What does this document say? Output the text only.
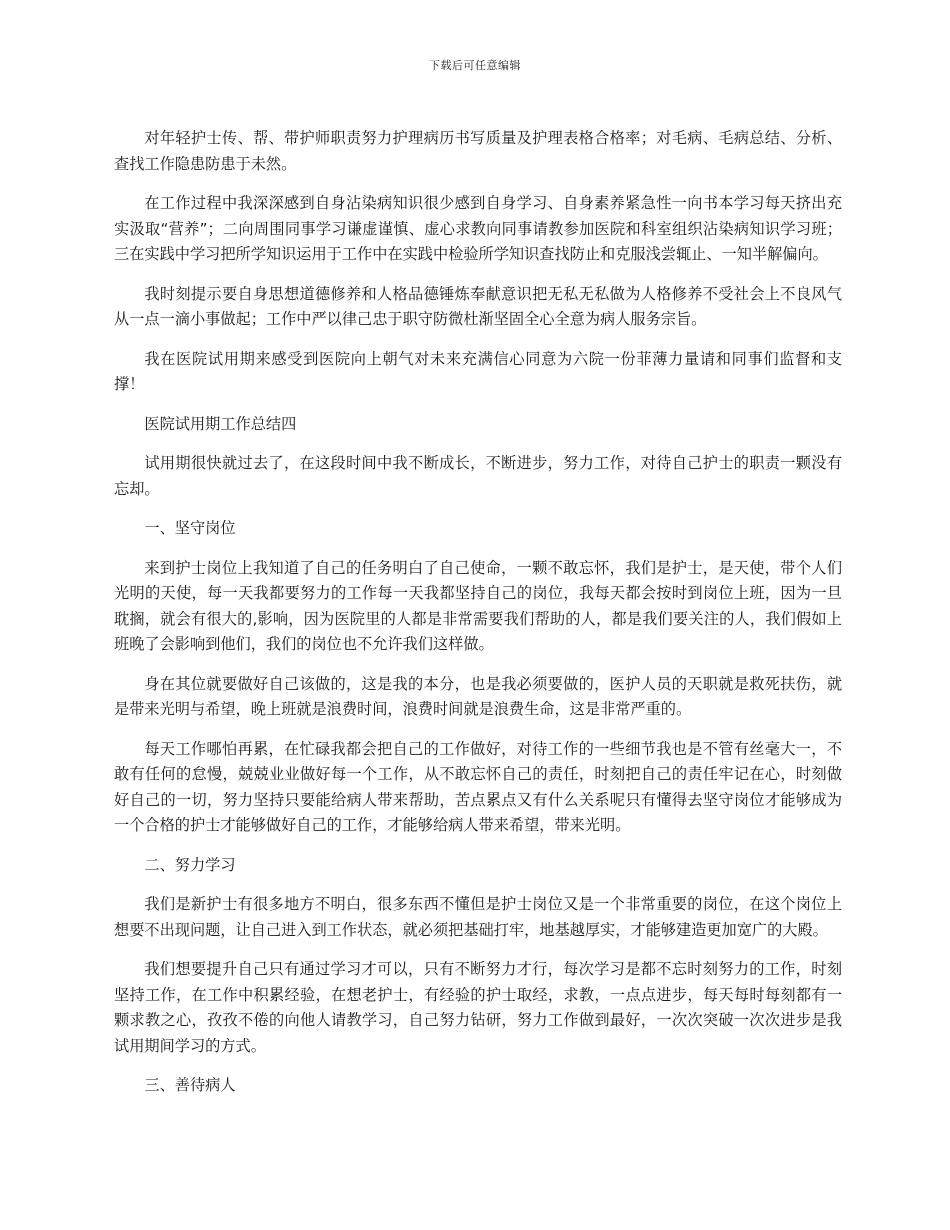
下载后可任意编辑

对年轻护士传、帮、带护师职责努力护理病历书写质量及护理表格合格率；对毛病、毛病总结、分析、查找工作隐患防患于未然。

在工作过程中我深深感到自身沾染病知识很少感到自身学习、自身素养紧急性一向书本学习每天挤出充实汲取“营养”；二向周围同事学习谦虚谨慎、虚心求教向同事请教参加医院和科室组织沾染病知识学习班；三在实践中学习把所学知识运用于工作中在实践中检验所学知识查找防止和克服浅尝辄止、一知半解偏向。

我时刻提示要自身思想道德修养和人格品德锤炼奉献意识把无私无私做为人格修养不受社会上不良风气从一点一滴小事做起；工作中严以律己忠于职守防微杜渐坚固全心全意为病人服务宗旨。

我在医院试用期来感受到医院向上朝气对未来充满信心同意为六院一份菲薄力量请和同事们监督和支撑！

医院试用期工作总结四

试用期很快就过去了，在这段时间中我不断成长，不断进步，努力工作，对待自己护士的职责一颗没有忘却。

一、坚守岗位

来到护士岗位上我知道了自己的任务明白了自己使命，一颗不敢忘怀，我们是护士，是天使，带个人们光明的天使，每一天我都要努力的工作每一天我都坚持自己的岗位，我每天都会按时到岗位上班，因为一旦耽搁，就会有很大的,影响，因为医院里的人都是非常需要我们帮助的人，都是我们要关注的人，我们假如上班晚了会影响到他们，我们的岗位也不允许我们这样做。

身在其位就要做好自己该做的，这是我的本分，也是我必须要做的，医护人员的天职就是救死扶伤，就是带来光明与希望，晚上班就是浪费时间，浪费时间就是浪费生命，这是非常严重的。

每天工作哪怕再累，在忙碌我都会把自己的工作做好，对待工作的一些细节我也是不管有丝毫大一，不敢有任何的怠慢，兢兢业业做好每一个工作，从不敢忘怀自己的责任，时刻把自己的责任牢记在心，时刻做好自己的一切，努力坚持只要能给病人带来帮助，苦点累点又有什么关系呢只有懂得去坚守岗位才能够成为一个合格的护士才能够做好自己的工作，才能够给病人带来希望，带来光明。

二、努力学习

我们是新护士有很多地方不明白，很多东西不懂但是护士岗位又是一个非常重要的岗位，在这个岗位上想要不出现问题，让自己进入到工作状态，就必须把基础打牢，地基越厚实，才能够建造更加宽广的大殿。

我们想要提升自己只有通过学习才可以，只有不断努力才行，每次学习是都不忘时刻努力的工作，时刻坚持工作，在工作中积累经验，在想老护士，有经验的护士取经，求教，一点点进步，每天每时每刻都有一颗求教之心，孜孜不倦的向他人请教学习，自己努力钻研，努力工作做到最好，一次次突破一次次进步是我试用期间学习的方式。

三、善待病人
